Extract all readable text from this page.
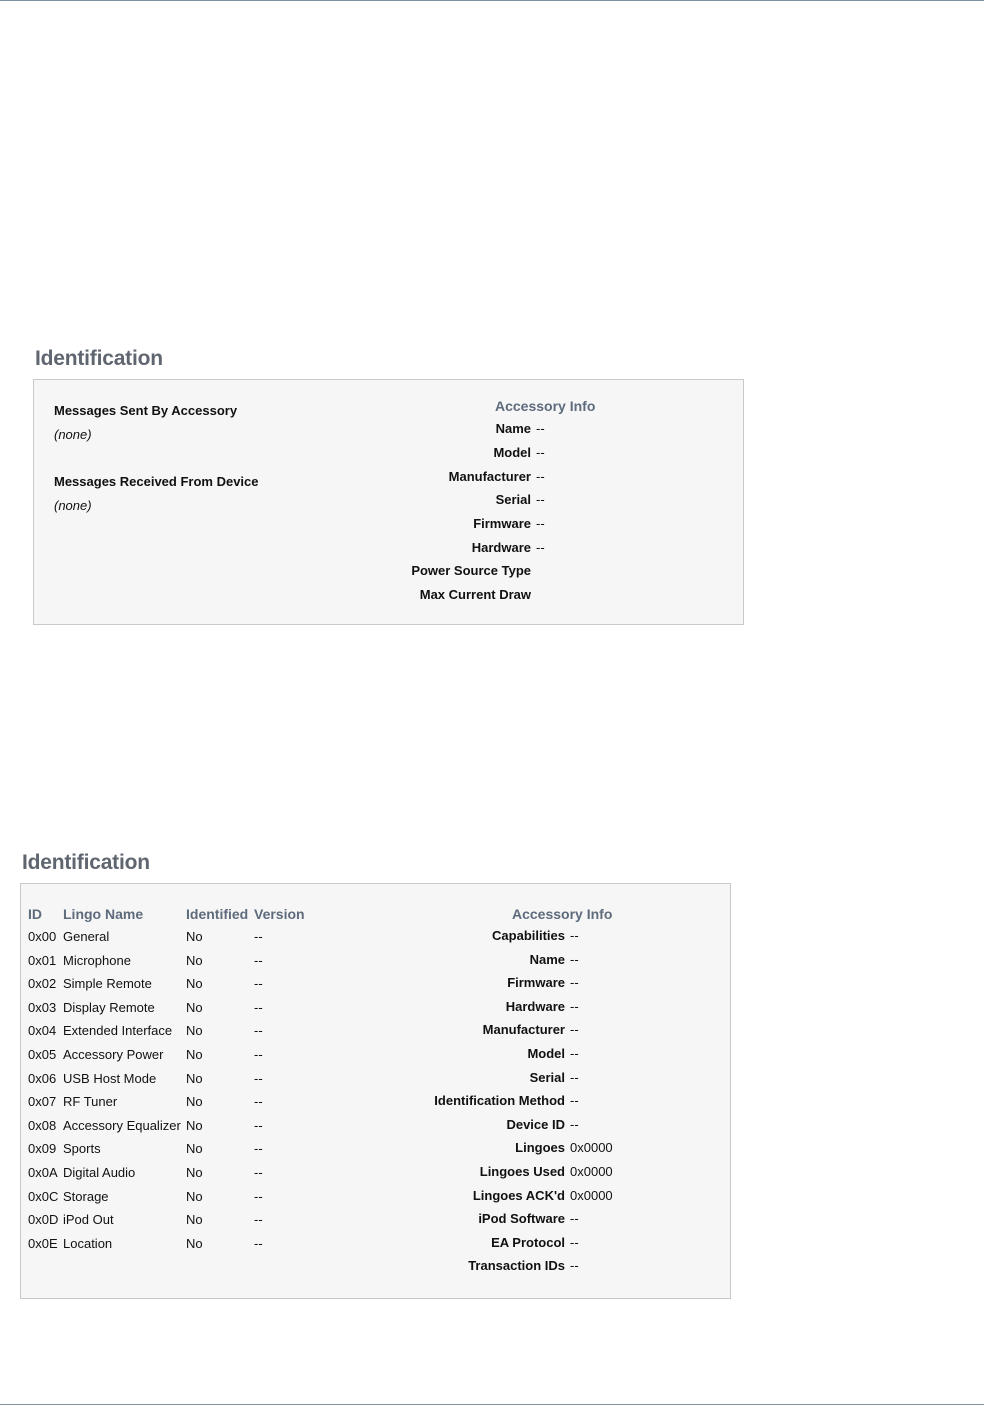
Identification
Messages Sent By Accessory
(none)
Messages Received From Device
(none)
Accessory Info
Name --
Model --
Manufacturer --
Serial --
Firmware --
Hardware --
Power Source Type
Max Current Draw
Identification
ID Lingo Name	Identified Version
0x00 General	No	--
0x01 Microphone	No	--
0x02 Simple Remote	No	--
0x03 Display Remote No	--
0x04 Extended Interface No	--
0x05 Accessory Power No	--
0x06 USB Host Mode No	--
0x07 RF Tuner	No	--
0x08 Accessory Equalizer No	--
0x09 Sports	No	--
0x0A Digital Audio	No	--
0x0C Storage	No	--
0x0D iPod Out	No	--
0x0E Location	No	--
Accessory Info
Capabilities --
Name --
Firmware --
Hardware --
Manufacturer --
Model --
Serial --
Identification Method --
Device ID --
Lingoes 0x0000
Lingoes Used 0x0000
Lingoes ACK'd 0x0000
iPod Software --
EA Protocol --
Transaction IDs --
